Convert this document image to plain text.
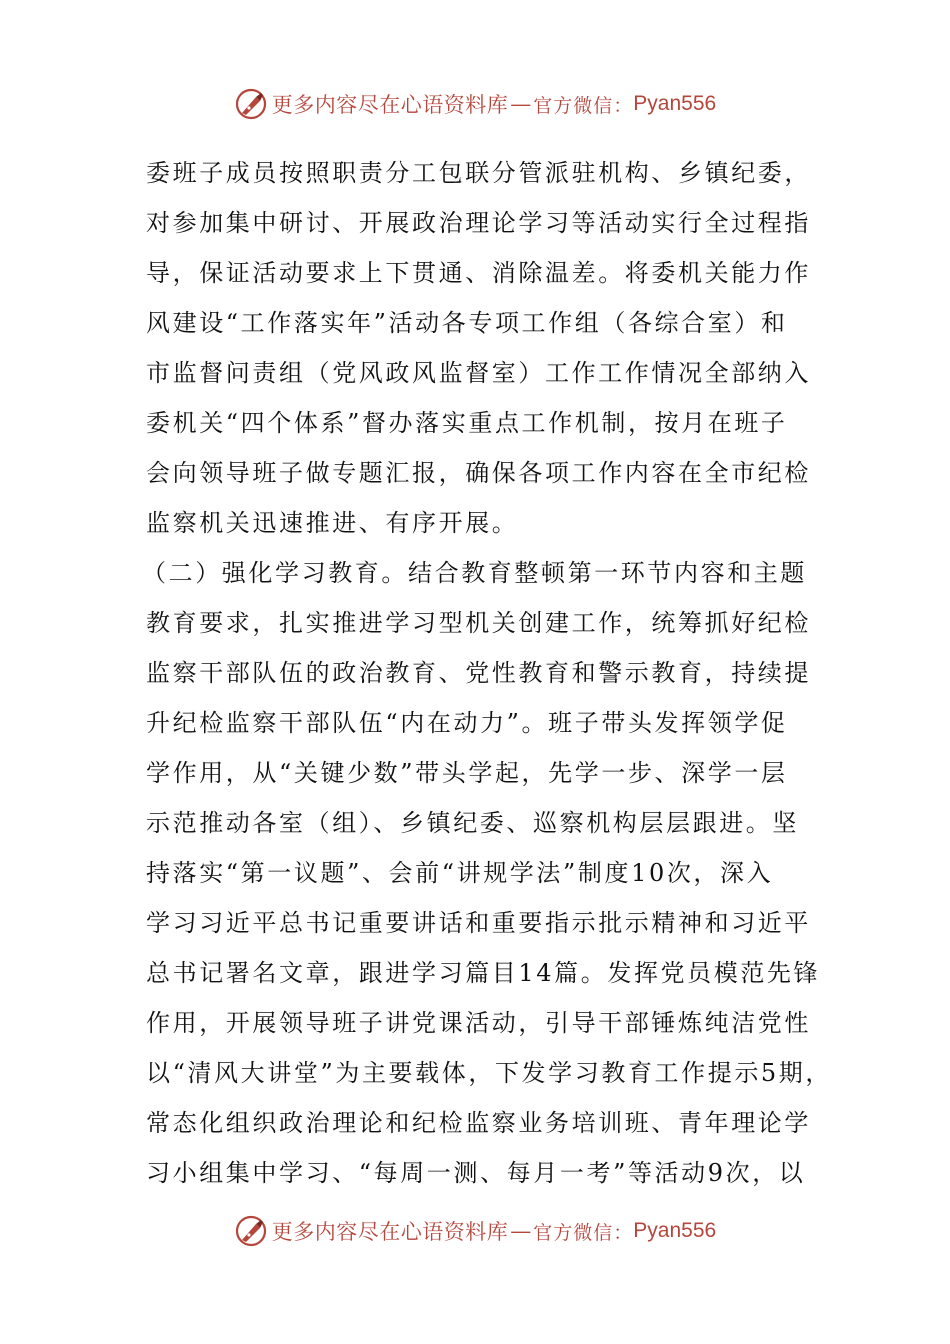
更多内容尽在心语资料库 — 官方微信： Pyan556
委班子成员按照职责分工包联分管派驻机构、乡镇纪委，
对参加集中研讨、开展政治理论学习等活动实行全过程指
导，保证活动要求上下贯通、消除温差。将委机关能力作
风建设“工作落实年”活动各专项工作组（各综合室）和
市监督问责组（党风政风监督室）工作工作情况全部纳入
委机关“四个体系”督办落实重点工作机制，按月在班子
会向领导班子做专题汇报，确保各项工作内容在全市纪检
监察机关迅速推进、有序开展。
（二）强化学习教育。结合教育整顿第一环节内容和主题
教育要求，扎实推进学习型机关创建工作，统筹抓好纪检
监察干部队伍的政治教育、党性教育和警示教育，持续提
升纪检监察干部队伍“内在动力”。班子带头发挥领学促
学作用，从“关键少数”带头学起，先学一步、深学一层
示范推动各室（组）、乡镇纪委、巡察机构层层跟进。坚
持落实“第一议题”、会前“讲规学法”制度10次，深入
学习习近平总书记重要讲话和重要指示批示精神和习近平
总书记署名文章，跟进学习篇目14篇。发挥党员模范先锋
作用，开展领导班子讲党课活动，引导干部锤炼纯洁党性
以“清风大讲堂”为主要载体，下发学习教育工作提示5期，
常态化组织政治理论和纪检监察业务培训班、青年理论学
习小组集中学习、“每周一测、每月一考”等活动9次，以
更多内容尽在心语资料库 — 官方微信： Pyan556
